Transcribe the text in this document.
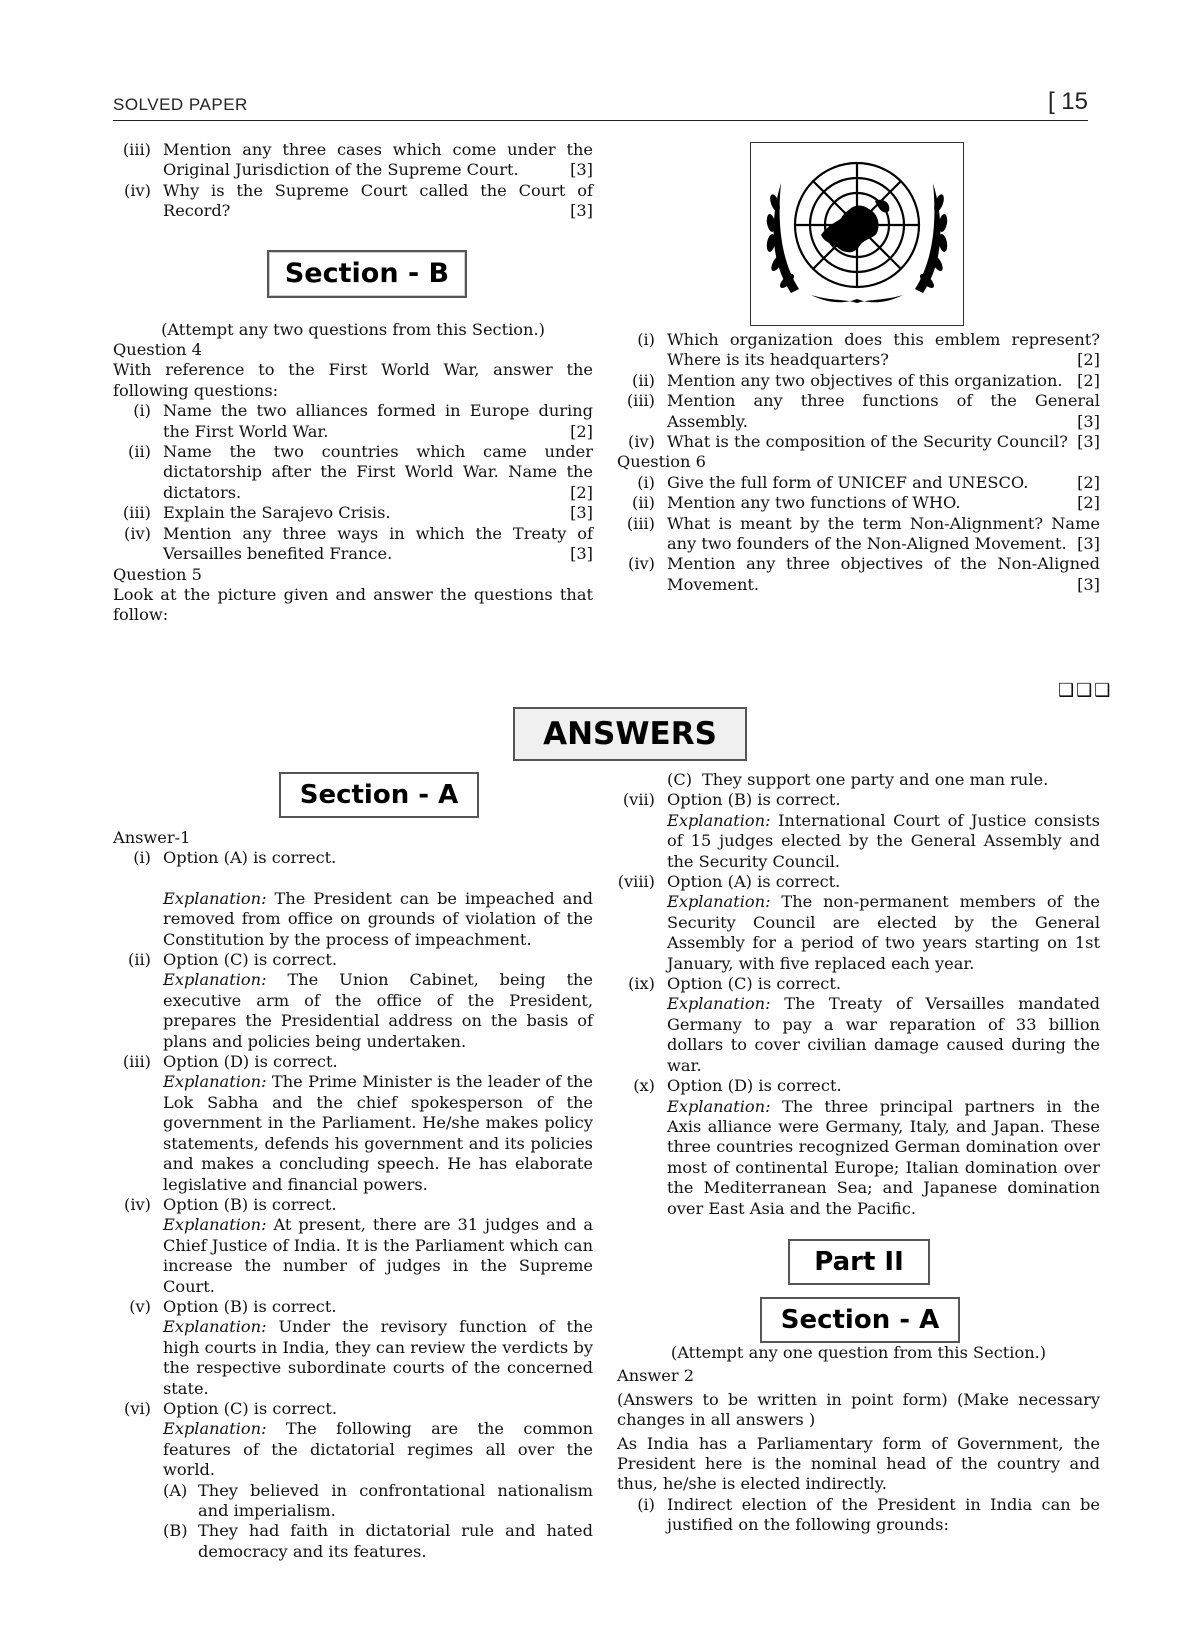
SOLVED PAPER	[ 15
(iii) Mention any three cases which come under the Original Jurisdiction of the Supreme Court.	[3]
(iv) Why is the Supreme Court called the Court of Record?	[3]

(Attempt any two questions from this Section.)

Question 4

With reference to the First World War, answer the following questions:

(i) Name the two alliances formed in Europe during the First World War.	[2]
(ii) Name the two countries which came under dictatorship after the First World War. Name the dictators.	[2]
(iii) Explain the Sarajevo Crisis.	[3]
(iv) Mention any three ways in which the Treaty of Versailles benefited France.	[3]

Question 5

Look at the picture given and answer the questions that follow:

Section - B
(i) Which organization does this emblem represent? Where is its headquarters?	[2]
(ii) Mention any two objectives of this organization. [2]
(iii) Mention any three functions of the General Assembly.	[3]
(iv) What is the composition of the Security Council? [3]

Question 6

(i) Give the full form of UNICEF and UNESCO.	[2]
(ii) Mention any two functions of WHO.	[2]
(iii) What is meant by the term Non-Alignment? Name any two founders of the Non-Aligned Movement. [3]
(iv) Mention any three objectives of the Non-Aligned Movement.	[3]
❑❑❑
ANSWERS
Section - A

Answer-1

(i) Option (A) is correct.
Explanation: The President can be impeached and removed from office on grounds of violation of the Constitution by the process of impeachment.
(ii) Option (C) is correct.
Explanation: The Union Cabinet, being the executive arm of the office of the President, prepares the Presidential address on the basis of plans and policies being undertaken.
(iii) Option (D) is correct.
Explanation: The Prime Minister is the leader of the Lok Sabha and the chief spokesperson of the government in the Parliament. He/she makes policy statements, defends his government and its policies and makes a concluding speech. He has elaborate legislative and financial powers.
(iv) Option (B) is correct.
Explanation: At present, there are 31 judges and a Chief Justice of India. It is the Parliament which can increase the number of judges in the Supreme Court.
(v) Option (B) is correct.
Explanation: Under the revisory function of the high courts in India, they can review the verdicts by the respective subordinate courts of the concerned state.
(vi) Option (C) is correct.
Explanation: The following are the common features of the dictatorial regimes all over the world.
(A) They believed in confrontational nationalism and imperialism.
(B) They had faith in dictatorial rule and hated democracy and its features.
(C) They support one party and one man rule.
(vii) Option (B) is correct.
Explanation: International Court of Justice consists of 15 judges elected by the General Assembly and the Security Council.
(viii) Option (A) is correct.
Explanation: The non-permanent members of the Security Council are elected by the General Assembly for a period of two years starting on 1st January, with five replaced each year.
(ix) Option (C) is correct.
Explanation: The Treaty of Versailles mandated Germany to pay a war reparation of 33 billion dollars to cover civilian damage caused during the war.
(x) Option (D) is correct.
Explanation: The three principal partners in the Axis alliance were Germany, Italy, and Japan. These three countries recognized German domination over most of continental Europe; Italian domination over the Mediterranean Sea; and Japanese domination over East Asia and the Pacific.

(Attempt any one question from this Section.)

Answer 2

(Answers to be written in point form) (Make necessary changes in all answers )

As India has a Parliamentary form of Government, the President here is the nominal head of the country and thus, he/she is elected indirectly.

(i) Indirect election of the President in India can be justified on the following grounds:
Part II
Section - A
